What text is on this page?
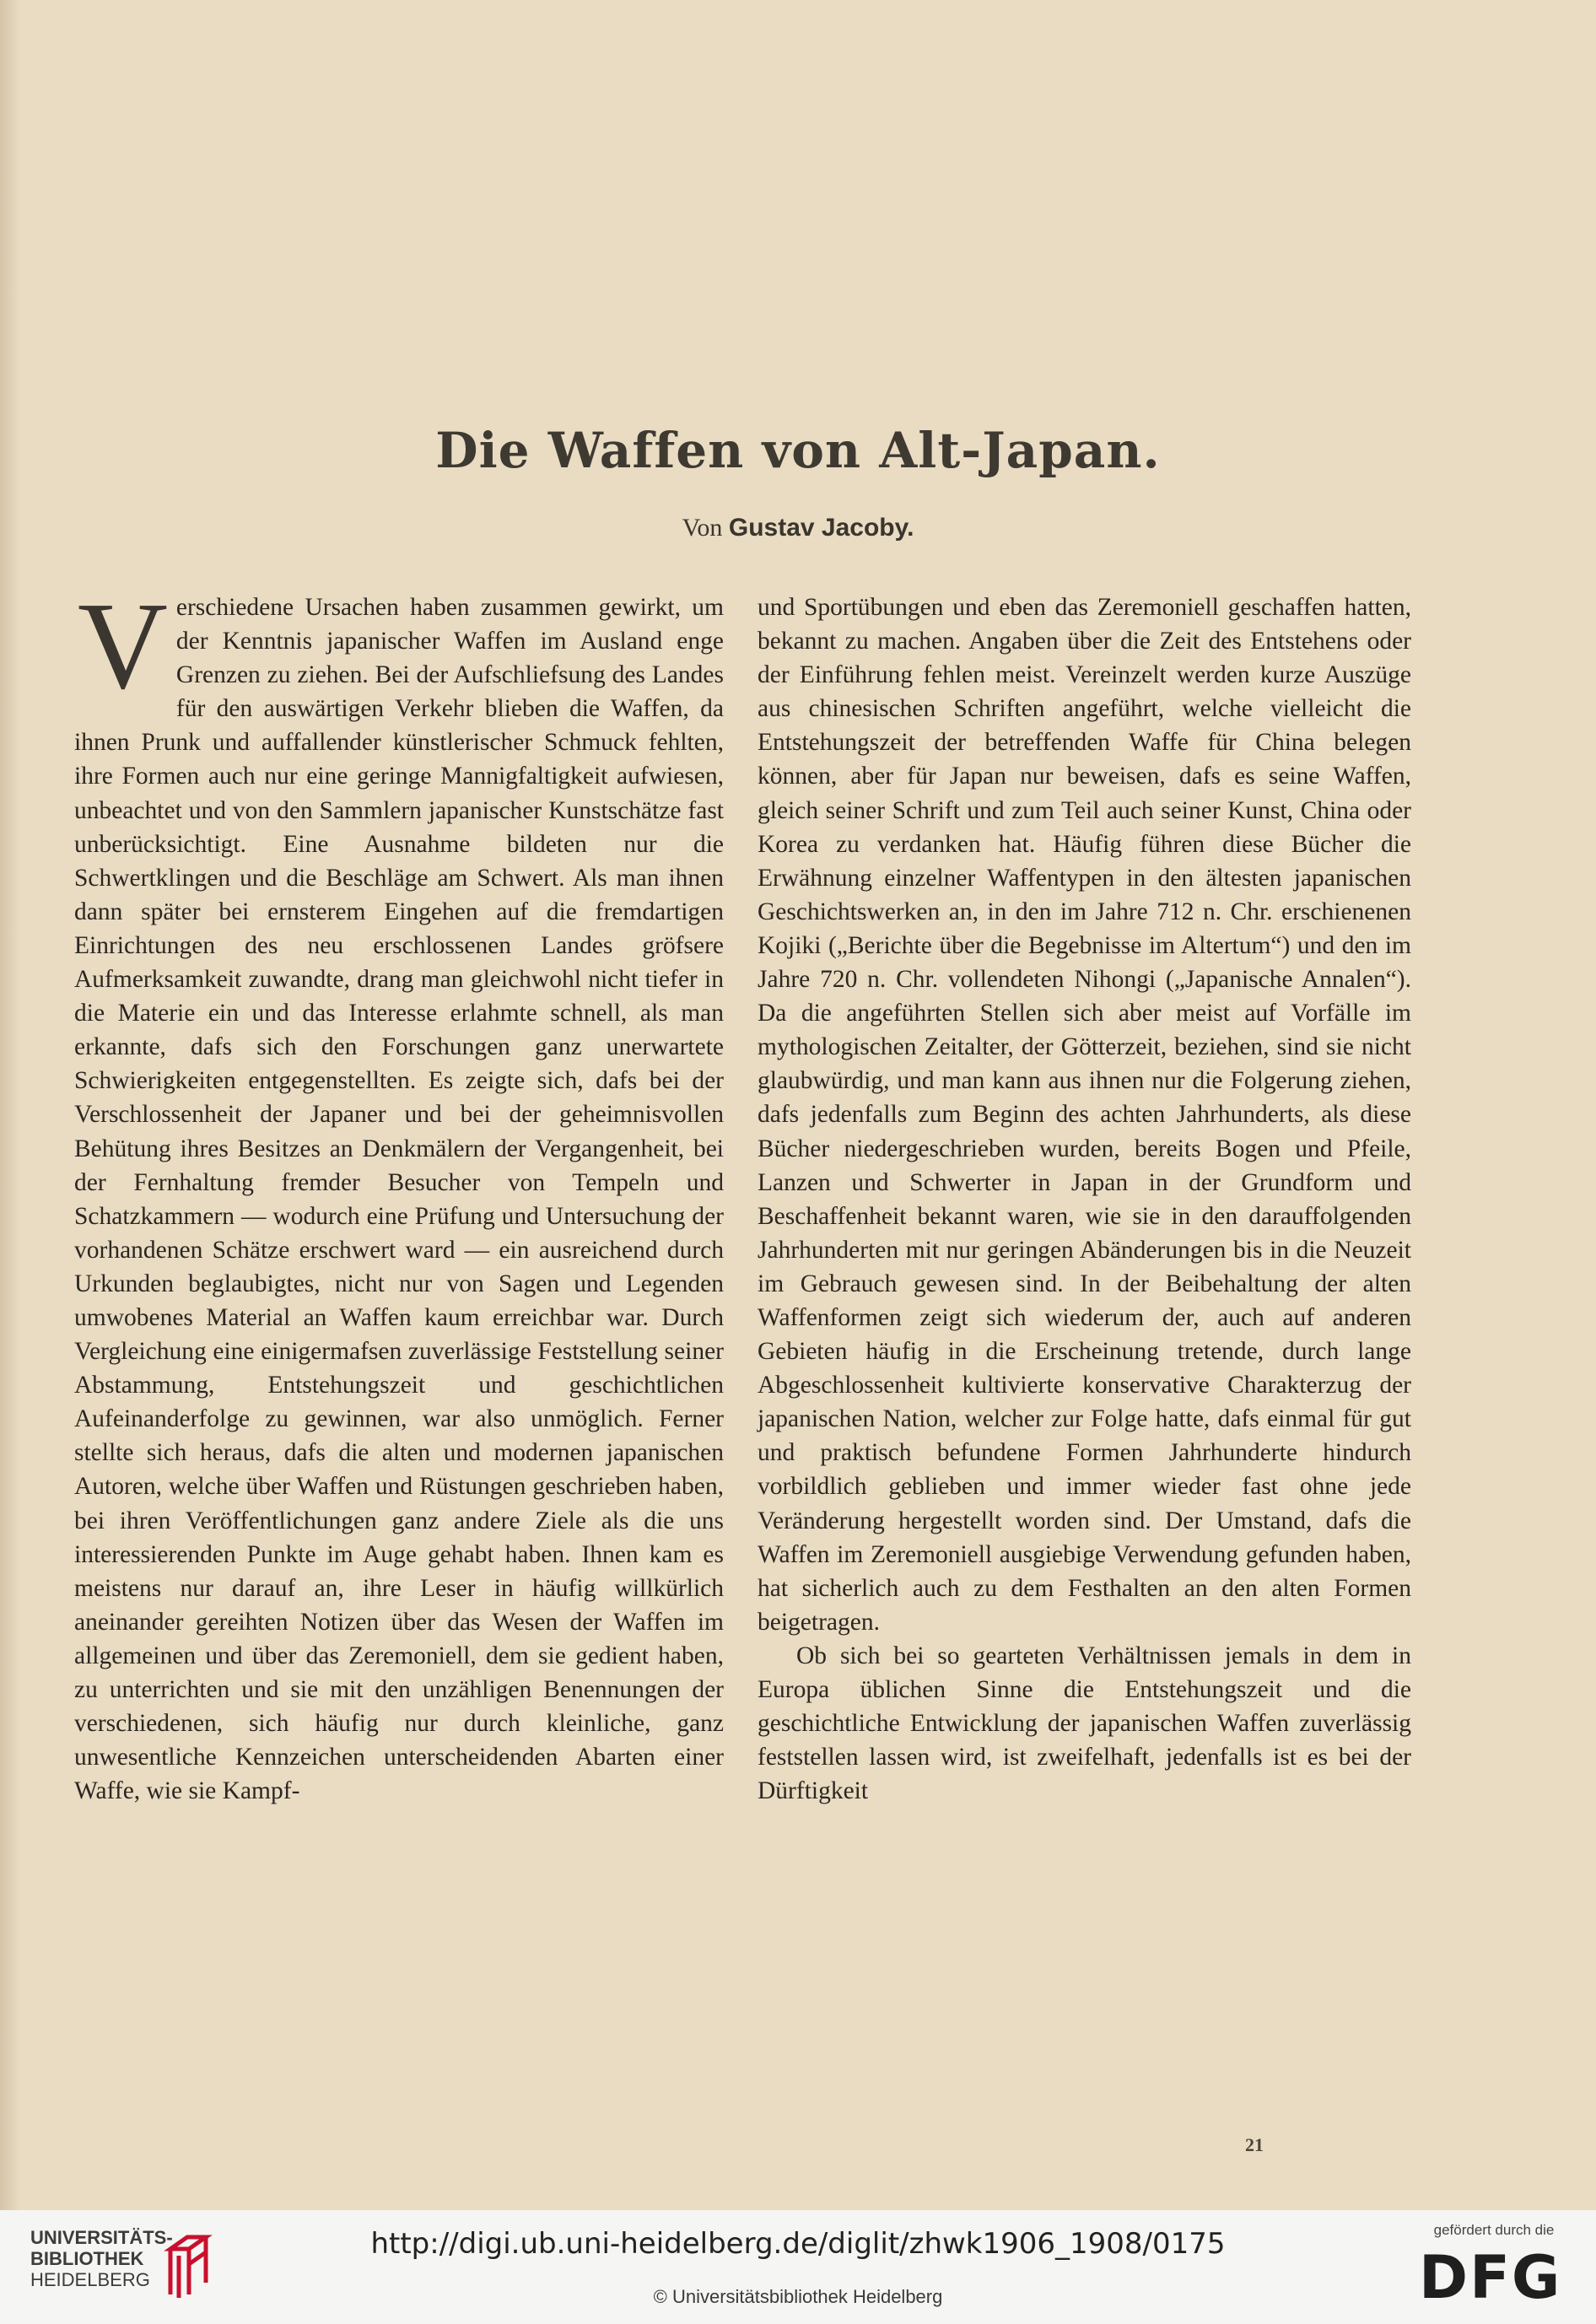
Die Waffen von Alt-Japan.

Von Gustav Jacoby.

Verschiedene Ursachen haben zusammen gewirkt, um der Kenntnis japanischer Waffen im Ausland enge Grenzen zu ziehen. Bei der Aufschliefsung des Landes für den auswärtigen Verkehr blieben die Waffen, da ihnen Prunk und auffallender künstlerischer Schmuck fehlten, ihre Formen auch nur eine geringe Mannigfaltigkeit aufwiesen, unbeachtet und von den Sammlern japanischer Kunstschätze fast unberücksichtigt. Eine Ausnahme bildeten nur die Schwertklingen und die Beschläge am Schwert. Als man ihnen dann später bei ernsterem Eingehen auf die fremdartigen Einrichtungen des neu erschlossenen Landes gröfsere Aufmerksamkeit zuwandte, drang man gleichwohl nicht tiefer in die Materie ein und das Interesse erlahmte schnell, als man erkannte, dafs sich den Forschungen ganz unerwartete Schwierigkeiten entgegenstellten. Es zeigte sich, dafs bei der Verschlossenheit der Japaner und bei der geheimnisvollen Behütung ihres Besitzes an Denkmälern der Vergangenheit, bei der Fernhaltung fremder Besucher von Tempeln und Schatzkammern — wodurch eine Prüfung und Untersuchung der vorhandenen Schätze erschwert ward — ein ausreichend durch Urkunden beglaubigtes, nicht nur von Sagen und Legenden umwobenes Material an Waffen kaum erreichbar war. Durch Vergleichung eine einigermafsen zuverlässige Feststellung seiner Abstammung, Entstehungszeit und geschichtlichen Aufeinanderfolge zu gewinnen, war also unmöglich. Ferner stellte sich heraus, dafs die alten und modernen japanischen Autoren, welche über Waffen und Rüstungen geschrieben haben, bei ihren Veröffentlichungen ganz andere Ziele als die uns interessierenden Punkte im Auge gehabt haben. Ihnen kam es meistens nur darauf an, ihre Leser in häufig willkürlich aneinander gereihten Notizen über das Wesen der Waffen im allgemeinen und über das Zeremoniell, dem sie gedient haben, zu unterrichten und sie mit den unzähligen Benennungen der verschiedenen, sich häufig nur durch kleinliche, ganz unwesentliche Kennzeichen unterscheidenden Abarten einer Waffe, wie sie Kampf-

und Sportübungen und eben das Zeremoniell geschaffen hatten, bekannt zu machen. Angaben über die Zeit des Entstehens oder der Einführung fehlen meist. Vereinzelt werden kurze Auszüge aus chinesischen Schriften angeführt, welche vielleicht die Entstehungszeit der betreffenden Waffe für China belegen können, aber für Japan nur beweisen, dafs es seine Waffen, gleich seiner Schrift und zum Teil auch seiner Kunst, China oder Korea zu verdanken hat. Häufig führen diese Bücher die Erwähnung einzelner Waffentypen in den ältesten japanischen Geschichtswerken an, in den im Jahre 712 n. Chr. erschienenen Kojiki („Berichte über die Begebnisse im Altertum“) und den im Jahre 720 n. Chr. vollendeten Nihongi („Japanische Annalen“). Da die angeführten Stellen sich aber meist auf Vorfälle im mythologischen Zeitalter, der Götterzeit, beziehen, sind sie nicht glaubwürdig, und man kann aus ihnen nur die Folgerung ziehen, dafs jedenfalls zum Beginn des achten Jahrhunderts, als diese Bücher niedergeschrieben wurden, bereits Bogen und Pfeile, Lanzen und Schwerter in Japan in der Grundform und Beschaffenheit bekannt waren, wie sie in den darauffolgenden Jahrhunderten mit nur geringen Abänderungen bis in die Neuzeit im Gebrauch gewesen sind. In der Beibehaltung der alten Waffenformen zeigt sich wiederum der, auch auf anderen Gebieten häufig in die Erscheinung tretende, durch lange Abgeschlossenheit kultivierte konservative Charakterzug der japanischen Nation, welcher zur Folge hatte, dafs einmal für gut und praktisch befundene Formen Jahrhunderte hindurch vorbildlich geblieben und immer wieder fast ohne jede Veränderung hergestellt worden sind. Der Umstand, dafs die Waffen im Zeremoniell ausgiebige Verwendung gefunden haben, hat sicherlich auch zu dem Festhalten an den alten Formen beigetragen.

Ob sich bei so gearteten Verhältnissen jemals in dem in Europa üblichen Sinne die Entstehungszeit und die geschichtliche Entwicklung der japanischen Waffen zuverlässig feststellen lassen wird, ist zweifelhaft, jedenfalls ist es bei der Dürftigkeit

21
UNIVERSITÄTS-
BIBLIOTHEK
HEIDELBERG

http://digi.ub.uni-heidelberg.de/diglit/zhwk1906_1908/0175

© Universitätsbibliothek Heidelberg

gefördert durch die
DFG
